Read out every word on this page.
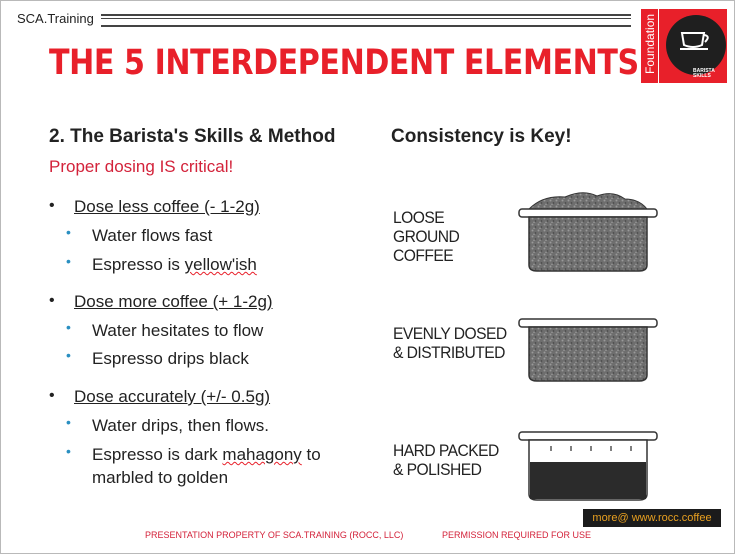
SCA.Training
THE 5 INTERDEPENDENT ELEMENTS Foundation	BARISTA
SKILLS
2. The Barista's Skills & Method	Consistency is Key!
Proper dosing IS critical!
• Dose less coffee (- 1-2g)
• Water flows fast
• Espresso is yellow'ish
• Dose more coffee (+ 1-2g)
• Water hesitates to flow
• Espresso drips black
• Dose accurately (+/- 0.5g)
• Water drips, then flows.
• Espresso is dark mahagony to
marbled to golden
LOOSE
GROUND
COFFEE
EVENLY DOSED
& DISTRIBUTED
HARD PACKED
& POLISHED
more@ www.rocc.coffee
PRESENTATION PROPERTY OF SCA.TRAINING (ROCC, LLC)	PERMISSION REQUIRED FOR USE
